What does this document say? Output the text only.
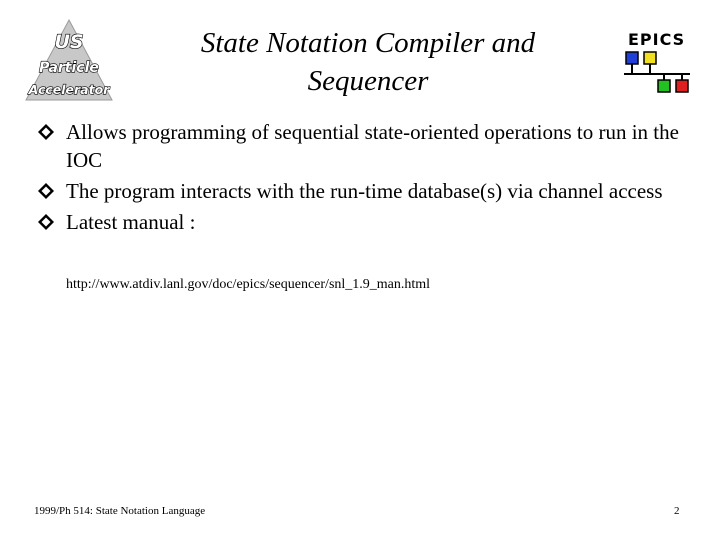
US
Particle
Accelerator
State Notation Compiler and
Sequencer
EPICS
Allows programming of sequential state-oriented operations to run in the IOC
The program interacts with the run-time database(s) via channel access
Latest manual :
http://www.atdiv.lanl.gov/doc/epics/sequencer/snl_1.9_man.html
1999/Ph 514: State Notation Language	2
